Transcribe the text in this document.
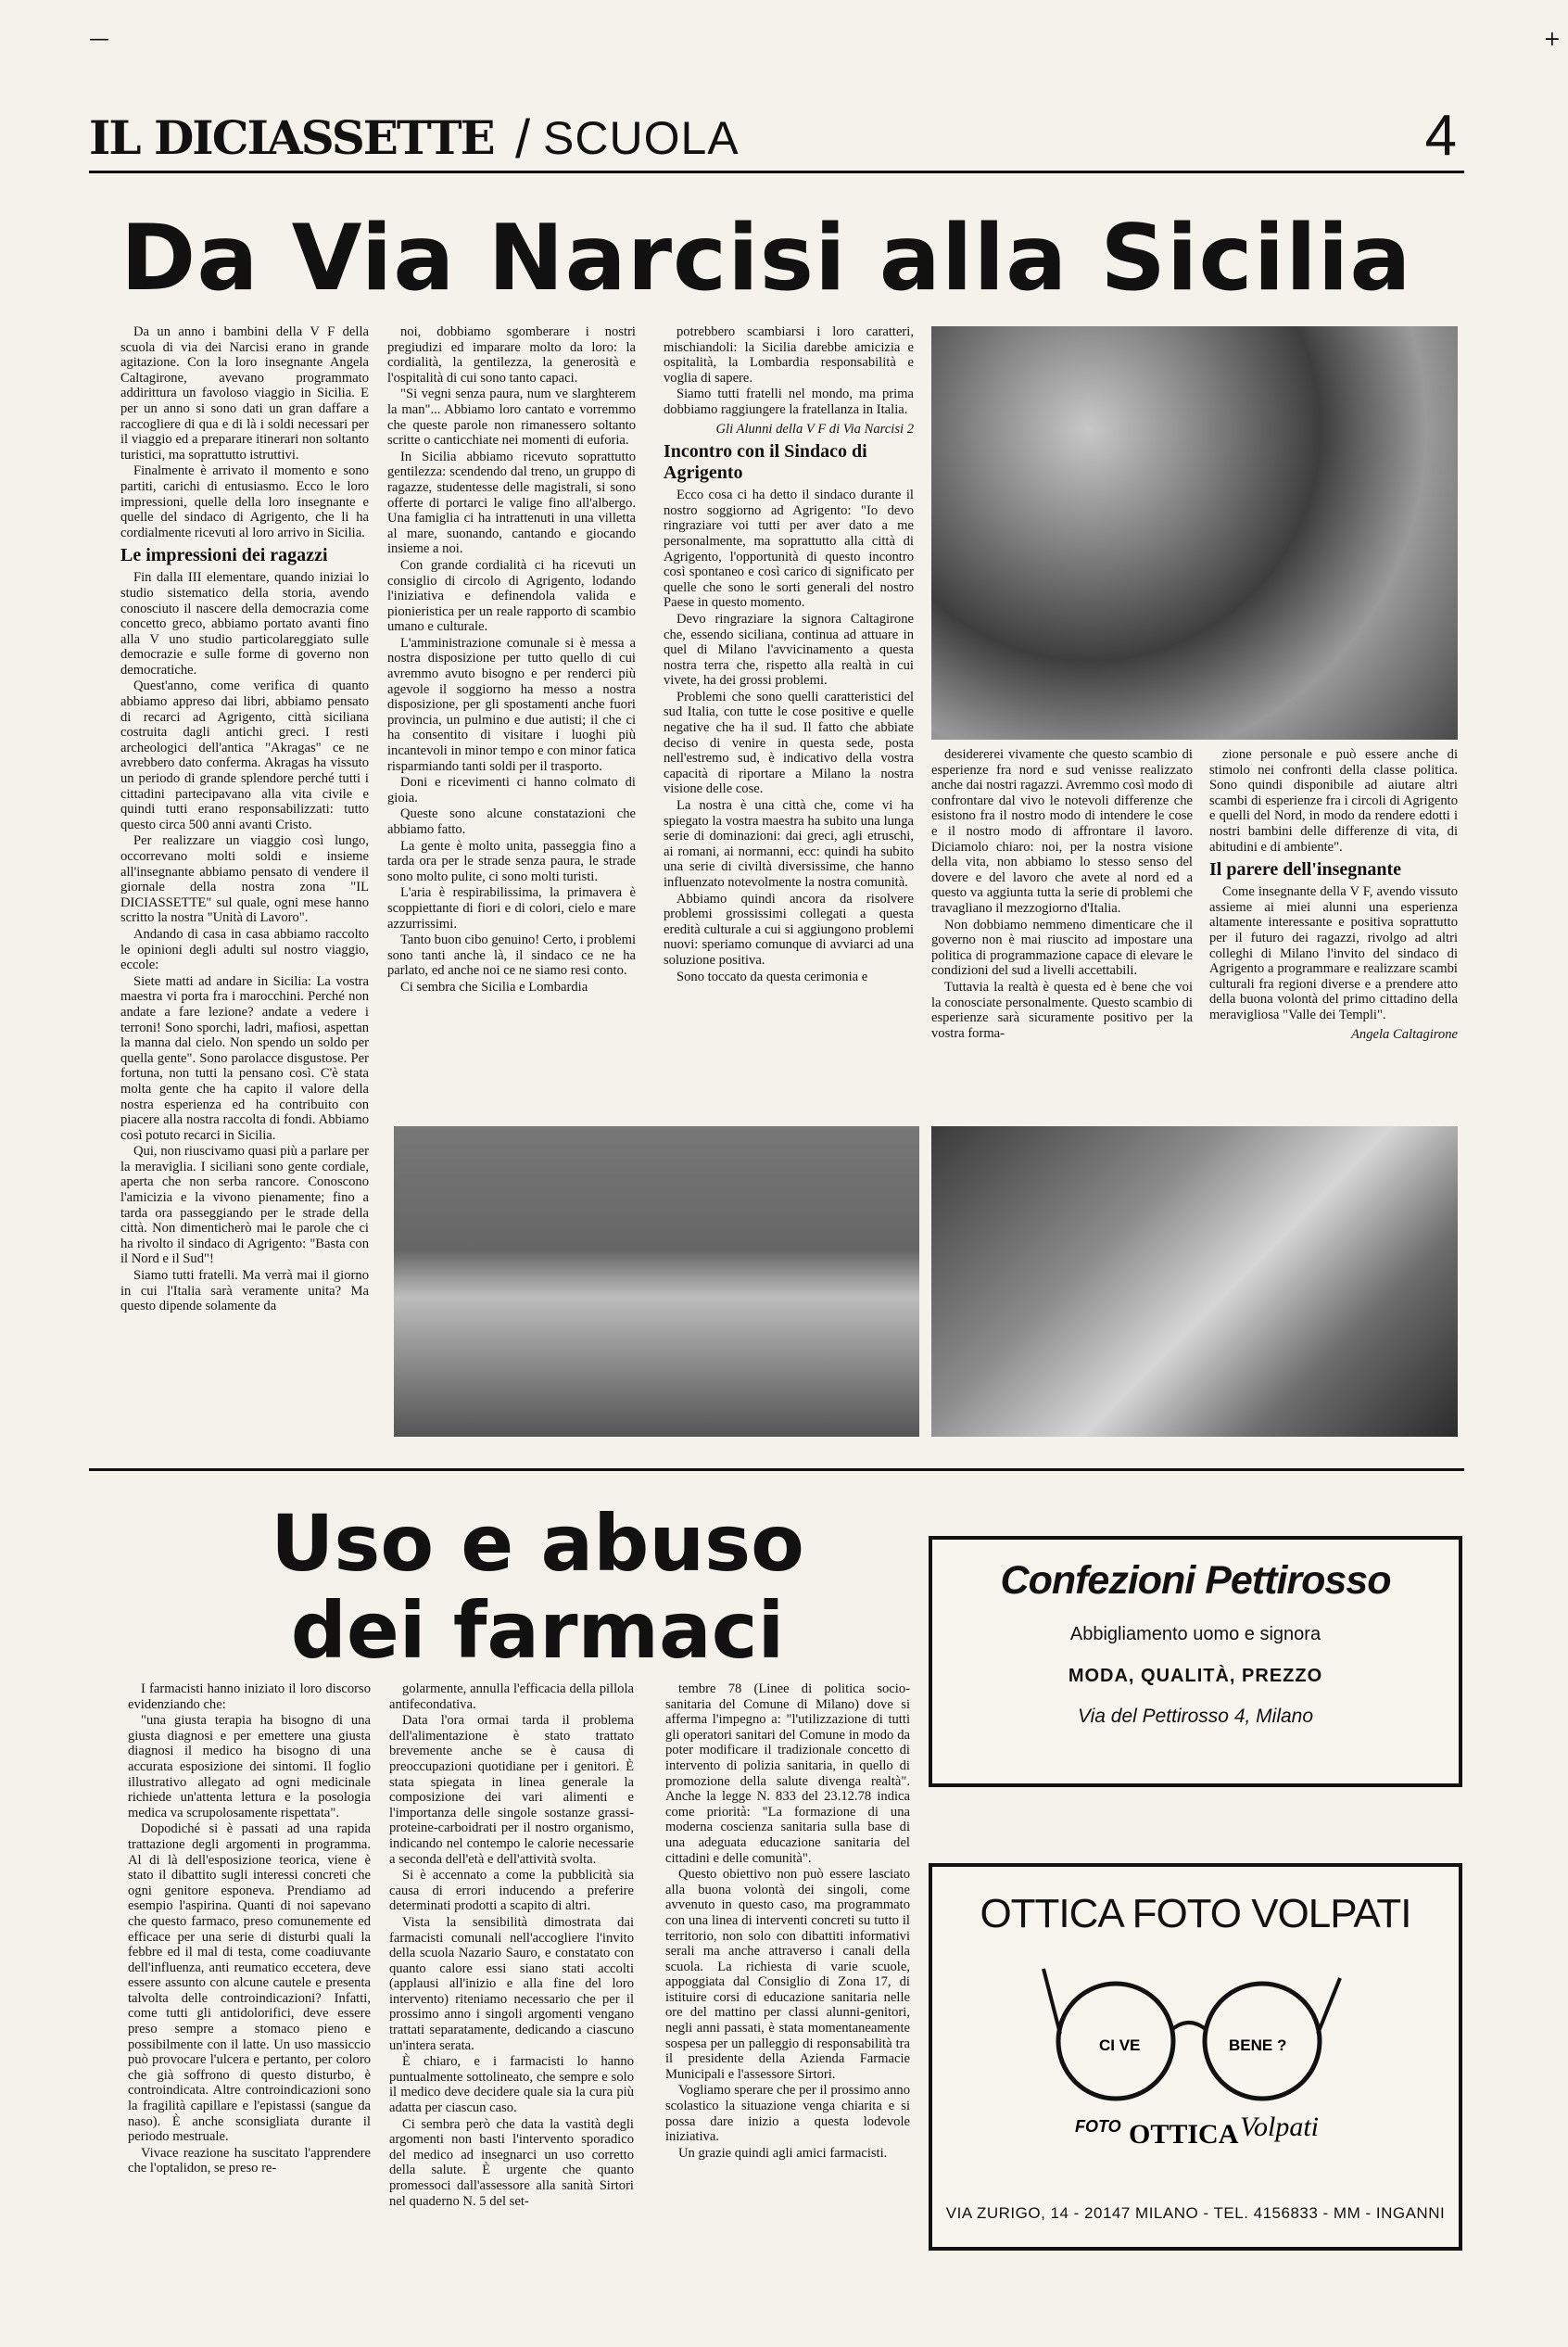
—	+
IL DICIASSETTE / SCUOLA	4
Da Via Narcisi alla Sicilia

Da un anno i bambini della V F della scuola di via dei Narcisi erano in grande agitazione. Con la loro insegnante Angela Caltagirone, avevano programmato addirittura un favoloso viaggio in Sicilia. E per un anno si sono dati un gran daffare a raccogliere di qua e di là i soldi necessari per il viaggio ed a preparare itinerari non soltanto turistici, ma soprattutto istruttivi.

Finalmente è arrivato il momento e sono partiti, carichi di entusiasmo. Ecco le loro impressioni, quelle della loro insegnante e quelle del sindaco di Agrigento, che li ha cordialmente ricevuti al loro arrivo in Sicilia.

Le impressioni dei ragazzi

Fin dalla III elementare, quando iniziai lo studio sistematico della storia, avendo conosciuto il nascere della democrazia come concetto greco, abbiamo portato avanti fino alla V uno studio particolareggiato sulle democrazie e sulle forme di governo non democratiche.

Quest'anno, come verifica di quanto abbiamo appreso dai libri, abbiamo pensato di recarci ad Agrigento, città siciliana costruita dagli antichi greci. I resti archeologici dell'antica "Akragas" ce ne avrebbero dato conferma. Akragas ha vissuto un periodo di grande splendore perché tutti i cittadini partecipavano alla vita civile e quindi tutti erano responsabilizzati: tutto questo circa 500 anni avanti Cristo.

Per realizzare un viaggio così lungo, occorrevano molti soldi e insieme all'insegnante abbiamo pensato di vendere il giornale della nostra zona "IL DICIASSETTE" sul quale, ogni mese hanno scritto la nostra "Unità di Lavoro".

Andando di casa in casa abbiamo raccolto le opinioni degli adulti sul nostro viaggio, eccole:

Siete matti ad andare in Sicilia: La vostra maestra vi porta fra i marocchini. Perché non andate a fare lezione? andate a vedere i terroni! Sono sporchi, ladri, mafiosi, aspettan la manna dal cielo. Non spendo un soldo per quella gente". Sono parolacce disgustose. Per fortuna, non tutti la pensano così. C'è stata molta gente che ha capito il valore della nostra esperienza ed ha contribuito con piacere alla nostra raccolta di fondi. Abbiamo così potuto recarci in Sicilia.

Qui, non riuscivamo quasi più a parlare per la meraviglia. I siciliani sono gente cordiale, aperta che non serba rancore. Conoscono l'amicizia e la vivono pienamente; fino a tarda ora passeggiando per le strade della città. Non dimenticherò mai le parole che ci ha rivolto il sindaco di Agrigento: "Basta con il Nord e il Sud"!

Siamo tutti fratelli. Ma verrà mai il giorno in cui l'Italia sarà veramente unita? Ma questo dipende solamente da

noi, dobbiamo sgomberare i nostri pregiudizi ed imparare molto da loro: la cordialità, la gentilezza, la generosità e l'ospitalità di cui sono tanto capaci.

"Si vegni senza paura, num ve slarghterem la man"... Abbiamo loro cantato e vorremmo che queste parole non rimanessero soltanto scritte o canticchiate nei momenti di euforia.

In Sicilia abbiamo ricevuto soprattutto gentilezza: scendendo dal treno, un gruppo di ragazze, studentesse delle magistrali, si sono offerte di portarci le valige fino all'albergo. Una famiglia ci ha intrattenuti in una villetta al mare, suonando, cantando e giocando insieme a noi.

Con grande cordialità ci ha ricevuti un consiglio di circolo di Agrigento, lodando l'iniziativa e definendola valida e pionieristica per un reale rapporto di scambio umano e culturale.

L'amministrazione comunale si è messa a nostra disposizione per tutto quello di cui avremmo avuto bisogno e per renderci più agevole il soggiorno ha messo a nostra disposizione, per gli spostamenti anche fuori provincia, un pulmino e due autisti; il che ci ha consentito di visitare i luoghi più incantevoli in minor tempo e con minor fatica risparmiando tanti soldi per il trasporto.

Doni e ricevimenti ci hanno colmato di gioia.

Queste sono alcune constatazioni che abbiamo fatto.

La gente è molto unita, passeggia fino a tarda ora per le strade senza paura, le strade sono molto pulite, ci sono molti turisti.

L'aria è respirabilissima, la primavera è scoppiettante di fiori e di colori, cielo e mare azzurrissimi.

Tanto buon cibo genuino! Certo, i problemi sono tanti anche là, il sindaco ce ne ha parlato, ed anche noi ce ne siamo resi conto.

Ci sembra che Sicilia e Lombardia

potrebbero scambiarsi i loro caratteri, mischiandoli: la Sicilia darebbe amicizia e ospitalità, la Lombardia responsabilità e voglia di sapere.

Siamo tutti fratelli nel mondo, ma prima dobbiamo raggiungere la fratellanza in Italia.

Gli Alunni della V F di Via Narcisi 2

Incontro con il Sindaco di Agrigento

Ecco cosa ci ha detto il sindaco durante il nostro soggiorno ad Agrigento: "Io devo ringraziare voi tutti per aver dato a me personalmente, ma soprattutto alla città di Agrigento, l'opportunità di questo incontro così spontaneo e così carico di significato per quelle che sono le sorti generali del nostro Paese in questo momento.

Devo ringraziare la signora Caltagirone che, essendo siciliana, continua ad attuare in quel di Milano l'avvicinamento a questa nostra terra che, rispetto alla realtà in cui vivete, ha dei grossi problemi.

Problemi che sono quelli caratteristici del sud Italia, con tutte le cose positive e quelle negative che ha il sud. Il fatto che abbiate deciso di venire in questa sede, posta nell'estremo sud, è indicativo della vostra capacità di riportare a Milano la nostra visione delle cose.

La nostra è una città che, come vi ha spiegato la vostra maestra ha subito una lunga serie di dominazioni: dai greci, agli etruschi, ai romani, ai normanni, ecc: quindi ha subito una serie di civiltà diversissime, che hanno influenzato notevolmente la nostra comunità.

Abbiamo quindi ancora da risolvere problemi grossissimi collegati a questa eredità culturale a cui si aggiungono problemi nuovi: speriamo comunque di avviarci ad una soluzione positiva.

Sono toccato da questa cerimonia e

desidererei vivamente che questo scambio di esperienze fra nord e sud venisse realizzato anche dai nostri ragazzi. Avremmo così modo di confrontare dal vivo le notevoli differenze che esistono fra il nostro modo di intendere le cose e il nostro modo di affrontare il lavoro. Diciamolo chiaro: noi, per la nostra visione della vita, non abbiamo lo stesso senso del dovere e del lavoro che avete al nord ed a questo va aggiunta tutta la serie di problemi che travagliano il mezzogiorno d'Italia.

Non dobbiamo nemmeno dimenticare che il governo non è mai riuscito ad impostare una politica di programmazione capace di elevare le condizioni del sud a livelli accettabili.

Tuttavia la realtà è questa ed è bene che voi la conosciate personalmente. Questo scambio di esperienze sarà sicuramente positivo per la vostra forma-

zione personale e può essere anche di stimolo nei confronti della classe politica. Sono quindi disponibile ad aiutare altri scambi di esperienze fra i circoli di Agrigento e quelli del Nord, in modo da rendere edotti i nostri bambini delle differenze di vita, di abitudini e di ambiente".

Il parere dell'insegnante

Come insegnante della V F, avendo vissuto assieme ai miei alunni una esperienza altamente interessante e positiva soprattutto per il futuro dei ragazzi, rivolgo ad altri colleghi di Milano l'invito del sindaco di Agrigento a programmare e realizzare scambi culturali fra regioni diverse e a prendere atto della buona volontà del primo cittadino della meravigliosa "Valle dei Templi".

Angela Caltagirone

Uso e abuso
dei farmaci

I farmacisti hanno iniziato il loro discorso evidenziando che:

"una giusta terapia ha bisogno di una giusta diagnosi e per emettere una giusta diagnosi il medico ha bisogno di una accurata esposizione dei sintomi. Il foglio illustrativo allegato ad ogni medicinale richiede un'attenta lettura e la posologia medica va scrupolosamente rispettata".

Dopodiché si è passati ad una rapida trattazione degli argomenti in programma. Al di là dell'esposizione teorica, viene è stato il dibattito sugli interessi concreti che ogni genitore esponeva. Prendiamo ad esempio l'aspirina. Quanti di noi sapevano che questo farmaco, preso comunemente ed efficace per una serie di disturbi quali la febbre ed il mal di testa, come coadiuvante dell'influenza, anti reumatico eccetera, deve essere assunto con alcune cautele e presenta talvolta delle controindicazioni? Infatti, come tutti gli antidolorifici, deve essere preso sempre a stomaco pieno e possibilmente con il latte. Un uso massiccio può provocare l'ulcera e pertanto, per coloro che già soffrono di questo disturbo, è controindicata. Altre controindicazioni sono la fragilità capillare e l'epistassi (sangue da naso). È anche sconsigliata durante il periodo mestruale.

Vivace reazione ha suscitato l'apprendere che l'optalidon, se preso re-

golarmente, annulla l'efficacia della pillola antifecondativa.

Data l'ora ormai tarda il problema dell'alimentazione è stato trattato brevemente anche se è causa di preoccupazioni quotidiane per i genitori. È stata spiegata in linea generale la composizione dei vari alimenti e l'importanza delle singole sostanze grassi-proteine-carboidrati per il nostro organismo, indicando nel contempo le calorie necessarie a seconda dell'età e dell'attività svolta.

Si è accennato a come la pubblicità sia causa di errori inducendo a preferire determinati prodotti a scapito di altri.

Vista la sensibilità dimostrata dai farmacisti comunali nell'accogliere l'invito della scuola Nazario Sauro, e constatato con quanto calore essi siano stati accolti (applausi all'inizio e alla fine del loro intervento) riteniamo necessario che per il prossimo anno i singoli argomenti vengano trattati separatamente, dedicando a ciascuno un'intera serata.

È chiaro, e i farmacisti lo hanno puntualmente sottolineato, che sempre e solo il medico deve decidere quale sia la cura più adatta per ciascun caso.

Ci sembra però che data la vastità degli argomenti non basti l'intervento sporadico del medico ad insegnarci un uso corretto della salute. È urgente che quanto promessoci dall'assessore alla sanità Sirtori nel quaderno N. 5 del set-

tembre 78 (Linee di politica socio-sanitaria del Comune di Milano) dove si afferma l'impegno a: "l'utilizzazione di tutti gli operatori sanitari del Comune in modo da poter modificare il tradizionale concetto di intervento di polizia sanitaria, in quello di promozione della salute divenga realtà". Anche la legge N. 833 del 23.12.78 indica come priorità: "La formazione di una moderna coscienza sanitaria sulla base di una adeguata educazione sanitaria del cittadini e delle comunità".

Questo obiettivo non può essere lasciato alla buona volontà dei singoli, come avvenuto in questo caso, ma programmato con una linea di interventi concreti su tutto il territorio, non solo con dibattiti informativi serali ma anche attraverso i canali della scuola. La richiesta di varie scuole, appoggiata dal Consiglio di Zona 17, di istituire corsi di educazione sanitaria nelle ore del mattino per classi alunni-genitori, negli anni passati, è stata momentaneamente sospesa per un palleggio di responsabilità tra il presidente della Azienda Farmacie Municipali e l'assessore Sirtori.

Vogliamo sperare che per il prossimo anno scolastico la situazione venga chiarita e si possa dare inizio a questa lodevole iniziativa.

Un grazie quindi agli amici farmacisti.

Confezioni Pettirosso
Abbigliamento uomo e signora
MODA, QUALITÀ, PREZZO
Via del Pettirosso 4, Milano
OTTICA FOTO VOLPATI
CI VE	BENE ?
FOTO OTTICA Volpati
VIA ZURIGO, 14 - 20147 MILANO - TEL. 4156833 - MM - INGANNI
